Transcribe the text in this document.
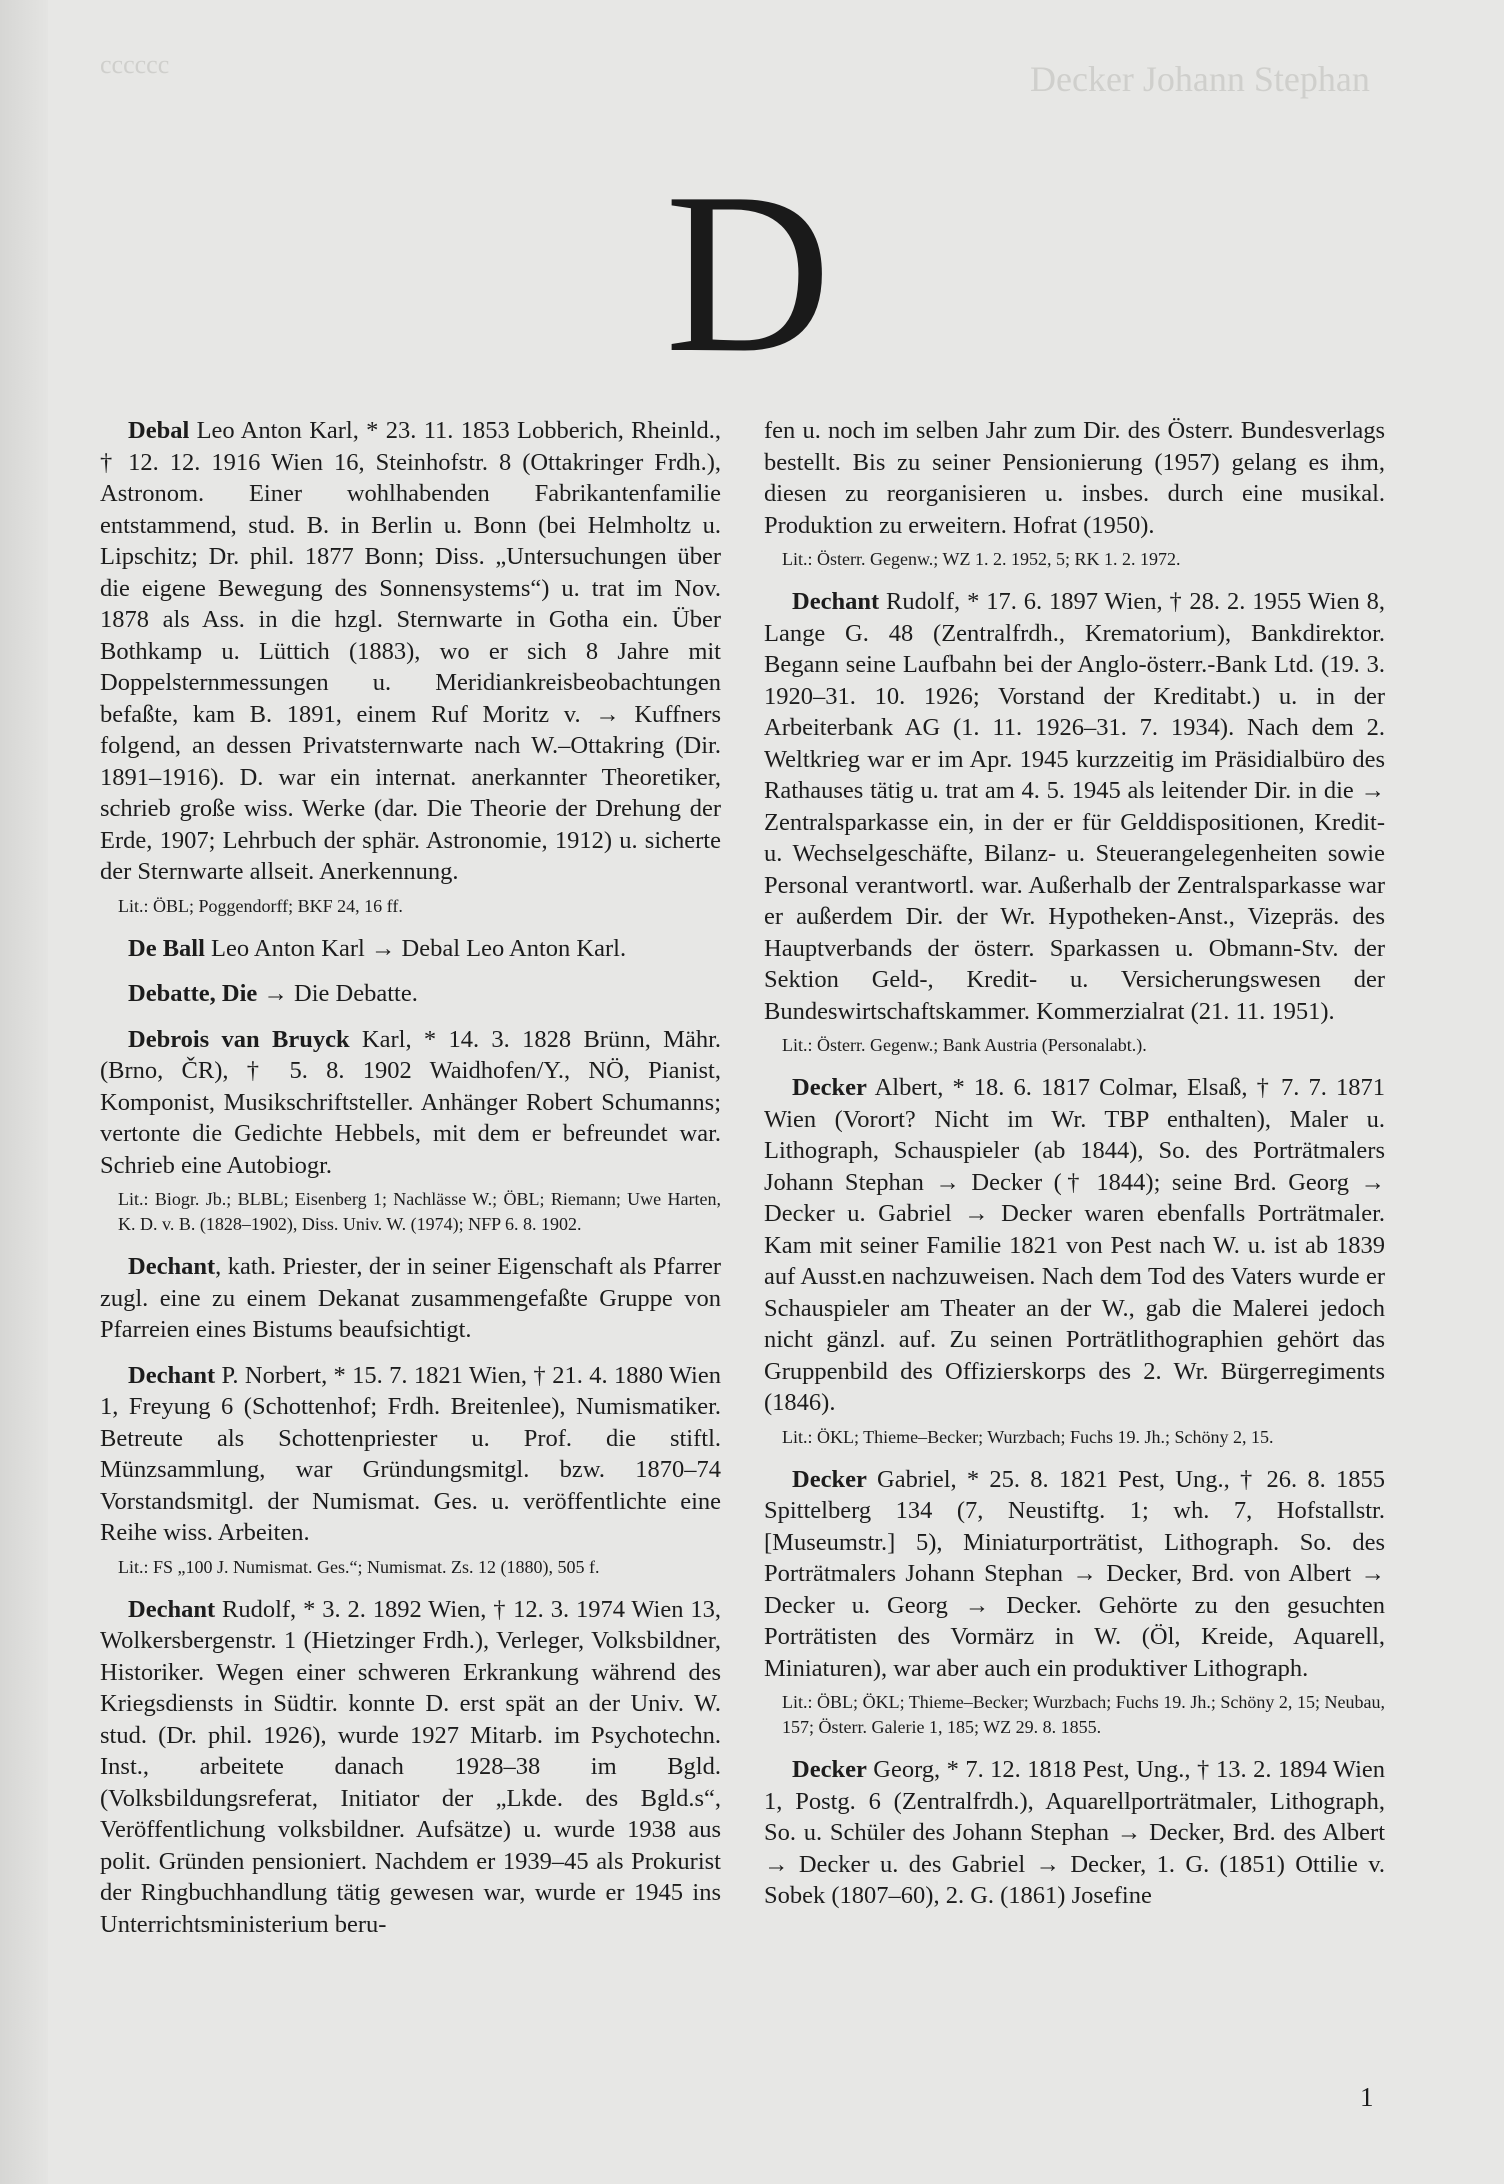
cccccc	Decker Johann Stephan
D

Debal Leo Anton Karl, * 23. 11. 1853 Lobberich, Rheinld., † 12. 12. 1916 Wien 16, Steinhofstr. 8 (Ottakringer Frdh.), Astronom. Einer wohlhabenden Fabrikantenfamilie entstammend, stud. B. in Berlin u. Bonn (bei Helmholtz u. Lipschitz; Dr. phil. 1877 Bonn; Diss. „Untersuchungen über die eigene Bewegung des Sonnensystems“) u. trat im Nov. 1878 als Ass. in die hzgl. Sternwarte in Gotha ein. Über Bothkamp u. Lüttich (1883), wo er sich 8 Jahre mit Doppelsternmessungen u. Meridiankreisbeobachtungen befaßte, kam B. 1891, einem Ruf Moritz v. → Kuffners folgend, an dessen Privatsternwarte nach W.–Ottakring (Dir. 1891–1916). D. war ein internat. anerkannter Theoretiker, schrieb große wiss. Werke (dar. Die Theorie der Drehung der Erde, 1907; Lehrbuch der sphär. Astronomie, 1912) u. sicherte der Sternwarte allseit. Anerkennung.

Lit.: ÖBL; Poggendorff; BKF 24, 16 ff.

De Ball Leo Anton Karl → Debal Leo Anton Karl.

Debatte, Die → Die Debatte.

Debrois van Bruyck Karl, * 14. 3. 1828 Brünn, Mähr. (Brno, ČR), † 5. 8. 1902 Waidhofen/Y., NÖ, Pianist, Komponist, Musikschriftsteller. Anhänger Robert Schumanns; vertonte die Gedichte Hebbels, mit dem er befreundet war. Schrieb eine Autobiogr.

Lit.: Biogr. Jb.; BLBL; Eisenberg 1; Nachlässe W.; ÖBL; Riemann; Uwe Harten, K. D. v. B. (1828–1902), Diss. Univ. W. (1974); NFP 6. 8. 1902.

Dechant, kath. Priester, der in seiner Eigenschaft als Pfarrer zugl. eine zu einem Dekanat zusammengefaßte Gruppe von Pfarreien eines Bistums beaufsichtigt.

Dechant P. Norbert, * 15. 7. 1821 Wien, † 21. 4. 1880 Wien 1, Freyung 6 (Schottenhof; Frdh. Breitenlee), Numismatiker. Betreute als Schottenpriester u. Prof. die stiftl. Münzsammlung, war Gründungsmitgl. bzw. 1870–74 Vorstandsmitgl. der Numismat. Ges. u. veröffentlichte eine Reihe wiss. Arbeiten.

Lit.: FS „100 J. Numismat. Ges.“; Numismat. Zs. 12 (1880), 505 f.

Dechant Rudolf, * 3. 2. 1892 Wien, † 12. 3. 1974 Wien 13, Wolkersbergenstr. 1 (Hietzinger Frdh.), Verleger, Volksbildner, Historiker. Wegen einer schweren Erkrankung während des Kriegsdiensts in Südtir. konnte D. erst spät an der Univ. W. stud. (Dr. phil. 1926), wurde 1927 Mitarb. im Psychotechn. Inst., arbeitete danach 1928–38 im Bgld. (Volksbildungsreferat, Initiator der „Lkde. des Bgld.s“, Veröffentlichung volksbildner. Aufsätze) u. wurde 1938 aus polit. Gründen pensioniert. Nachdem er 1939–45 als Prokurist der Ringbuchhandlung tätig gewesen war, wurde er 1945 ins Unterrichtsministerium beru-

fen u. noch im selben Jahr zum Dir. des Österr. Bundesverlags bestellt. Bis zu seiner Pensionierung (1957) gelang es ihm, diesen zu reorganisieren u. insbes. durch eine musikal. Produktion zu erweitern. Hofrat (1950).

Lit.: Österr. Gegenw.; WZ 1. 2. 1952, 5; RK 1. 2. 1972.

Dechant Rudolf, * 17. 6. 1897 Wien, † 28. 2. 1955 Wien 8, Lange G. 48 (Zentralfrdh., Krematorium), Bankdirektor. Begann seine Laufbahn bei der Anglo-österr.-Bank Ltd. (19. 3. 1920–31. 10. 1926; Vorstand der Kreditabt.) u. in der Arbeiterbank AG (1. 11. 1926–31. 7. 1934). Nach dem 2. Weltkrieg war er im Apr. 1945 kurzzeitig im Präsidialbüro des Rathauses tätig u. trat am 4. 5. 1945 als leitender Dir. in die → Zentralsparkasse ein, in der er für Gelddispositionen, Kredit- u. Wechselgeschäfte, Bilanz- u. Steuerangelegenheiten sowie Personal verantwortl. war. Außerhalb der Zentralsparkasse war er außerdem Dir. der Wr. Hypotheken-Anst., Vizepräs. des Hauptverbands der österr. Sparkassen u. Obmann-Stv. der Sektion Geld-, Kredit- u. Versicherungswesen der Bundeswirtschaftskammer. Kommerzialrat (21. 11. 1951).

Lit.: Österr. Gegenw.; Bank Austria (Personalabt.).

Decker Albert, * 18. 6. 1817 Colmar, Elsaß, † 7. 7. 1871 Wien (Vorort? Nicht im Wr. TBP enthalten), Maler u. Lithograph, Schauspieler (ab 1844), So. des Porträtmalers Johann Stephan → Decker († 1844); seine Brd. Georg → Decker u. Gabriel → Decker waren ebenfalls Porträtmaler. Kam mit seiner Familie 1821 von Pest nach W. u. ist ab 1839 auf Ausst.en nachzuweisen. Nach dem Tod des Vaters wurde er Schauspieler am Theater an der W., gab die Malerei jedoch nicht gänzl. auf. Zu seinen Porträtlithographien gehört das Gruppenbild des Offizierskorps des 2. Wr. Bürgerregiments (1846).

Lit.: ÖKL; Thieme–Becker; Wurzbach; Fuchs 19. Jh.; Schöny 2, 15.

Decker Gabriel, * 25. 8. 1821 Pest, Ung., † 26. 8. 1855 Spittelberg 134 (7, Neustiftg. 1; wh. 7, Hofstallstr. [Museumstr.] 5), Miniaturporträtist, Lithograph. So. des Porträtmalers Johann Stephan → Decker, Brd. von Albert → Decker u. Georg → Decker. Gehörte zu den gesuchten Porträtisten des Vormärz in W. (Öl, Kreide, Aquarell, Miniaturen), war aber auch ein produktiver Lithograph.

Lit.: ÖBL; ÖKL; Thieme–Becker; Wurzbach; Fuchs 19. Jh.; Schöny 2, 15; Neubau, 157; Österr. Galerie 1, 185; WZ 29. 8. 1855.

Decker Georg, * 7. 12. 1818 Pest, Ung., † 13. 2. 1894 Wien 1, Postg. 6 (Zentralfrdh.), Aquarellporträtmaler, Lithograph, So. u. Schüler des Johann Stephan → Decker, Brd. des Albert → Decker u. des Gabriel → Decker, 1. G. (1851) Ottilie v. Sobek (1807–60), 2. G. (1861) Josefine

1
